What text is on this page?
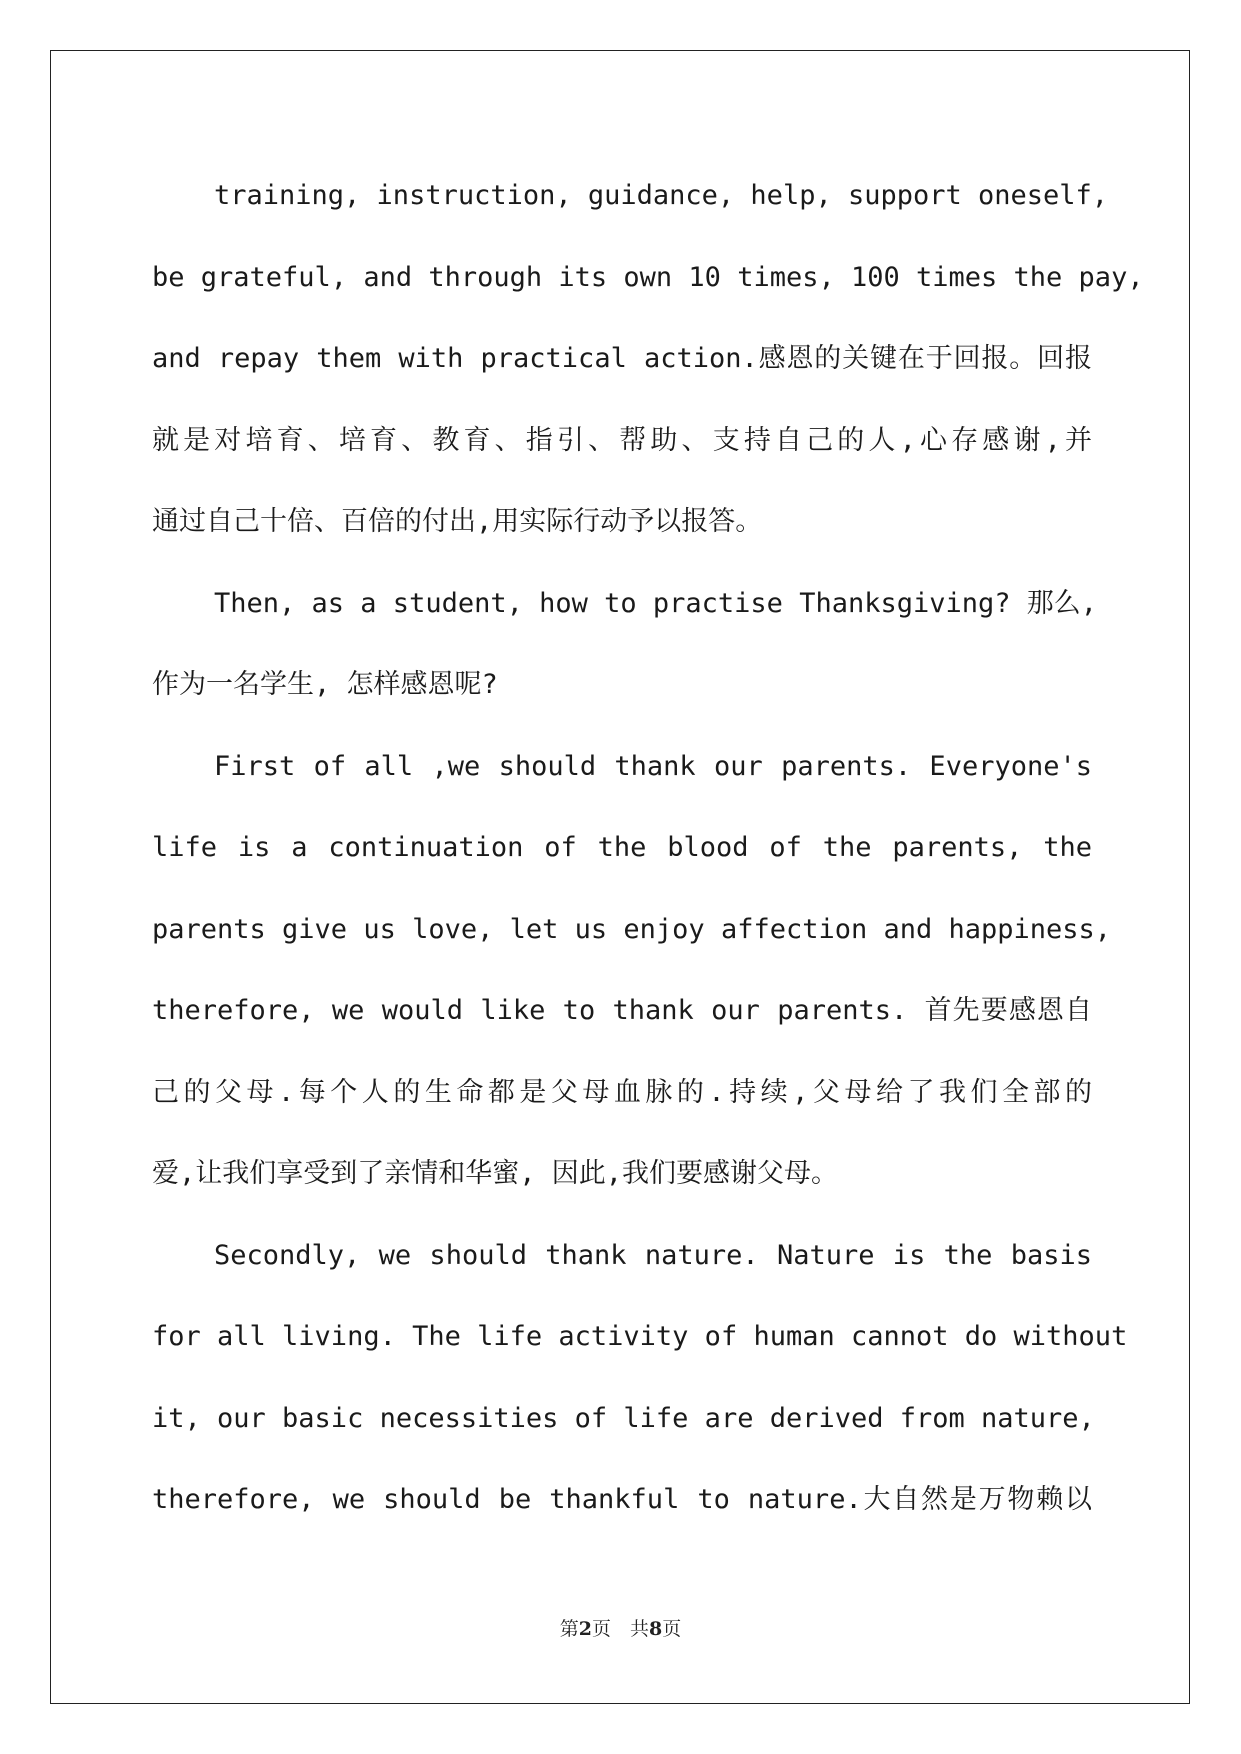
training, instruction, guidance, help, support oneself,
be grateful, and through its own 10 times, 100 times the pay,
and repay them with practical action.感恩的关键在于回报。回报
就是对培育、培育、教育、指引、帮助、支持自己的人,心存感谢,并
通过自己十倍、百倍的付出,用实际行动予以报答。
Then, as a student, how to practise Thanksgiving? 那么,
作为一名学生, 怎样感恩呢?
First of all ,we should thank our parents. Everyone's
life is a continuation of the blood of the parents, the
parents give us love, let us enjoy affection and happiness,
therefore, we would like to thank our parents. 首先要感恩自
己的父母.每个人的生命都是父母血脉的.持续,父母给了我们全部的
爱,让我们享受到了亲情和华蜜, 因此,我们要感谢父母。
Secondly, we should thank nature. Nature is the basis
for all living. The life activity of human cannot do without
it, our basic necessities of life are derived from nature,
therefore, we should be thankful to nature.大自然是万物赖以
第2页　共8页
